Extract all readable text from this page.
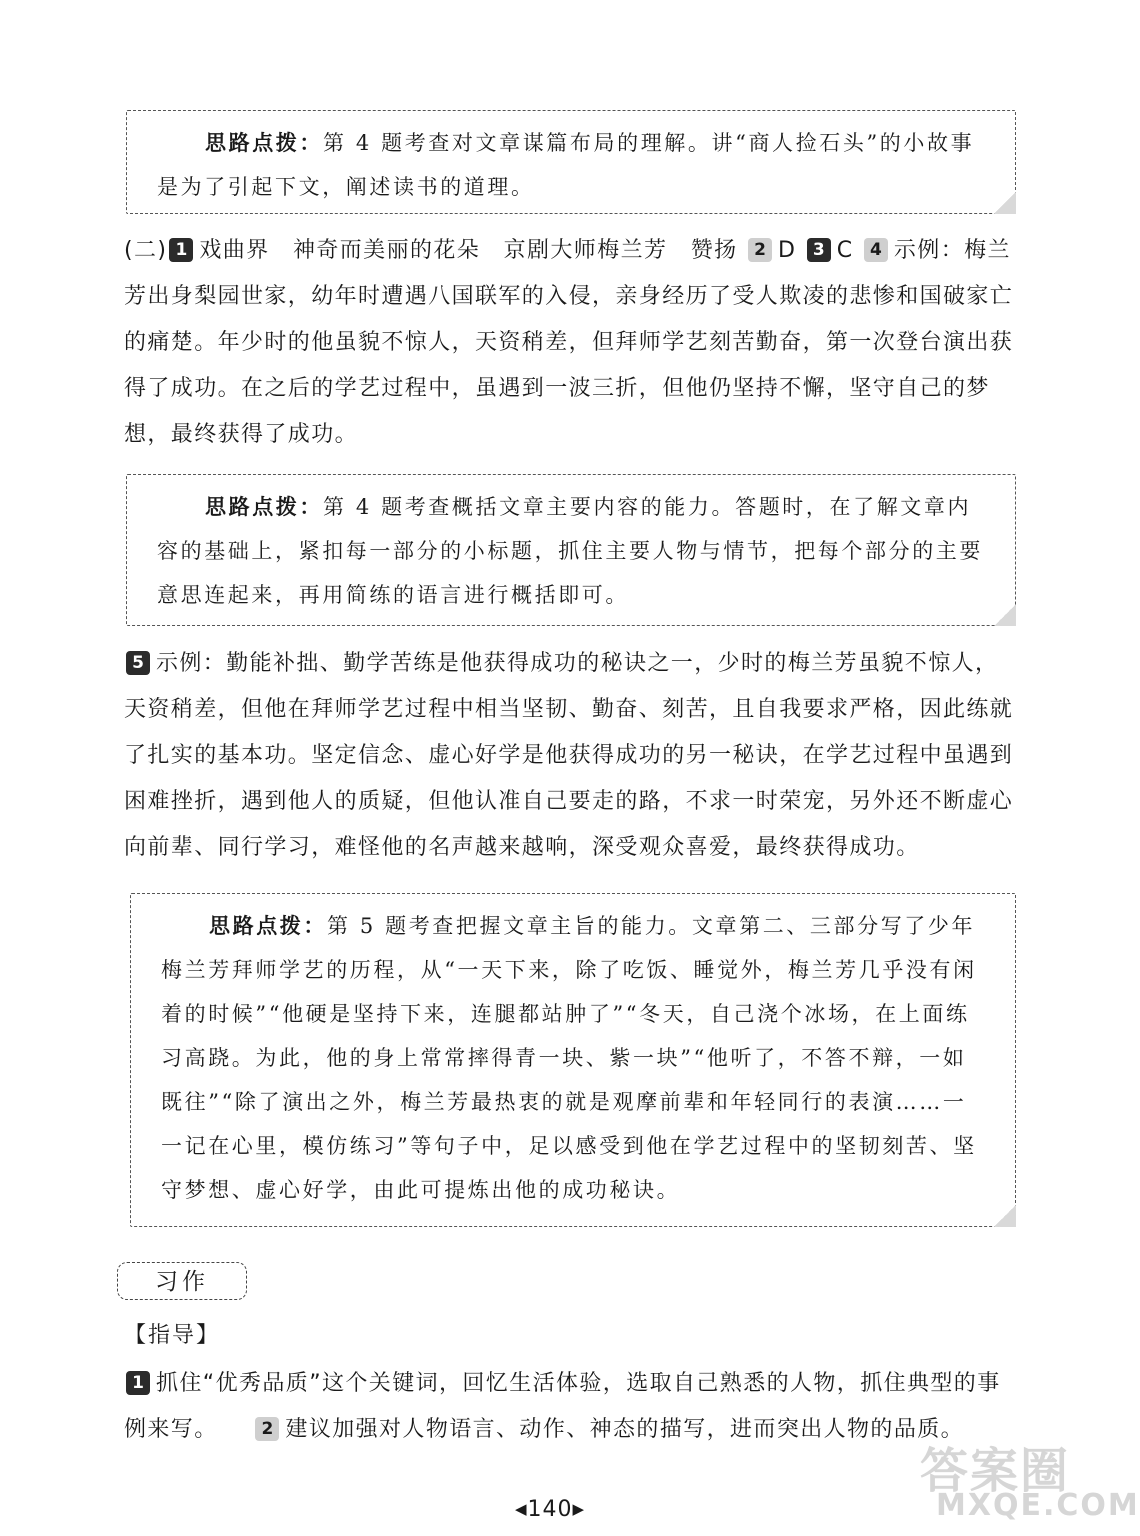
思路点拨：第 4 题考查对文章谋篇布局的理解。讲“商人捡石头”的小故事是为了引起下文，阐述读书的道理。
(二) 1 戏曲界　神奇而美丽的花朵　京剧大师梅兰芳　赞扬 2 D 3 C 4 示例：梅兰芳出身梨园世家，幼年时遭遇八国联军的入侵，亲身经历了受人欺凌的悲惨和国破家亡的痛楚。年少时的他虽貌不惊人，天资稍差，但拜师学艺刻苦勤奋，第一次登台演出获得了成功。在之后的学艺过程中，虽遇到一波三折，但他仍坚持不懈，坚守自己的梦想，最终获得了成功。
思路点拨：第 4 题考查概括文章主要内容的能力。答题时，在了解文章内容的基础上，紧扣每一部分的小标题，抓住主要人物与情节，把每个部分的主要意思连起来，再用简练的语言进行概括即可。
5 示例：勤能补拙、勤学苦练是他获得成功的秘诀之一，少时的梅兰芳虽貌不惊人，天资稍差，但他在拜师学艺过程中相当坚韧、勤奋、刻苦，且自我要求严格，因此练就了扎实的基本功。坚定信念、虚心好学是他获得成功的另一秘诀，在学艺过程中虽遇到困难挫折，遇到他人的质疑，但他认准自己要走的路，不求一时荣宠，另外还不断虚心向前辈、同行学习，难怪他的名声越来越响，深受观众喜爱，最终获得成功。
思路点拨：第 5 题考查把握文章主旨的能力。文章第二、三部分写了少年梅兰芳拜师学艺的历程，从“一天下来，除了吃饭、睡觉外，梅兰芳几乎没有闲着的时候”“他硬是坚持下来，连腿都站肿了”“冬天，自己浇个冰场，在上面练习高跷。为此，他的身上常常摔得青一块、紫一块”“他听了，不答不辩，一如既往”“除了演出之外，梅兰芳最热衷的就是观摩前辈和年轻同行的表演……一一记在心里，模仿练习”等句子中，足以感受到他在学艺过程中的坚韧刻苦、坚守梦想、虚心好学，由此可提炼出他的成功秘诀。
习作
【指导】
1 抓住“优秀品质”这个关键词，回忆生活体验，选取自己熟悉的人物，抓住典型的事例来写。　　	2 建议加强对人物语言、动作、神态的描写，进而突出人物的品质。
◀140▶
答案圈
MXQE.COM
